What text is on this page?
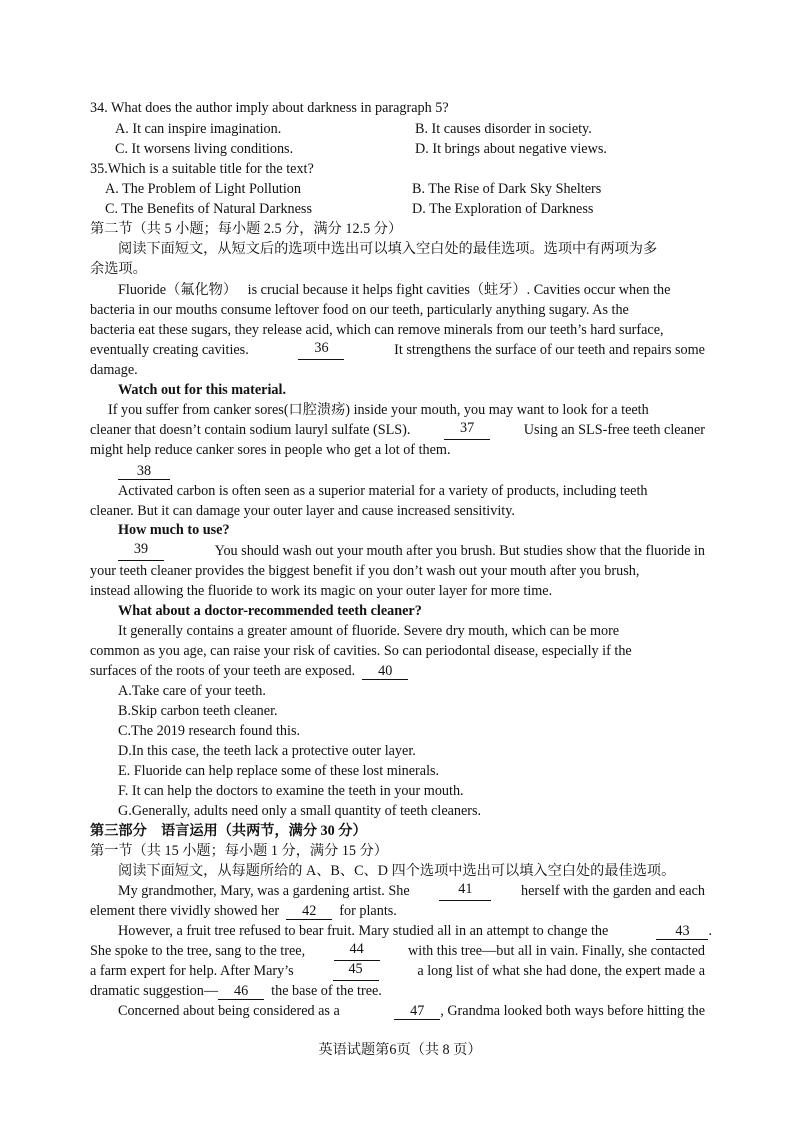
34. What does the author imply about darkness in paragraph 5?
A. It can inspire imagination.	B. It causes disorder in society.
C. It worsens living conditions.	D. It brings about negative views.
35.Which is a suitable title for the text?
A. The Problem of Light Pollution	B. The Rise of Dark Sky Shelters
C. The Benefits of Natural Darkness	D. The Exploration of Darkness
第二节（共 5 小题；每小题 2.5 分，满分 12.5 分）
阅读下面短文，从短文后的选项中选出可以填入空白处的最佳选项。选项中有两项为多
余选项。
Fluoride（氟化物） is crucial because it helps fight cavities（蛀牙）. Cavities occur when the
bacteria in our mouths consume leftover food on our teeth, particularly anything sugary. As the
bacteria eat these sugars, they release acid, which can remove minerals from our teeth’s hard surface,
eventually creating cavities.	36	It strengthens the surface of our teeth and repairs some
damage.
Watch out for this material.
If you suffer from canker sores(口腔溃疡) inside your mouth, you may want to look for a teeth
cleaner that doesn’t contain sodium lauryl sulfate (SLS).	37	Using an SLS-free teeth cleaner
might help reduce canker sores in people who get a lot of them.
38
Activated carbon is often seen as a superior material for a variety of products, including teeth
cleaner. But it can damage your outer layer and cause increased sensitivity.
How much to use?
39	You should wash out your mouth after you brush. But studies show that the fluoride in
your teeth cleaner provides the biggest benefit if you don’t wash out your mouth after you brush,
instead allowing the fluoride to work its magic on your outer layer for more time.
What about a doctor-recommended teeth cleaner?
It generally contains a greater amount of fluoride. Severe dry mouth, which can be more
common as you age, can raise your risk of cavities. So can periodontal disease, especially if the
surfaces of the roots of your teeth are exposed. 40
A.Take care of your teeth.
B.Skip carbon teeth cleaner.
C.The 2019 research found this.
D.In this case, the teeth lack a protective outer layer.
E. Fluoride can help replace some of these lost minerals.
F. It can help the doctors to examine the teeth in your mouth.
G.Generally, adults need only a small quantity of teeth cleaners.
第三部分　语言运用（共两节，满分 30 分）
第一节（共 15 小题；每小题 1 分，满分 15 分）
阅读下面短文，从每题所给的 A、B、C、D 四个选项中选出可以填入空白处的最佳选项。
My grandmother, Mary, was a gardening artist. She	41	herself with the garden and each
element there vividly showed her 42 for plants.
However, a fruit tree refused to bear fruit. Mary studied all in an attempt to change the	43 .
She spoke to the tree, sang to the tree,	44	with this tree—but all in vain. Finally, she contacted
a farm expert for help. After Mary’s	45	a long list of what she had done, the expert made a
dramatic suggestion— 46 the base of the tree.
Concerned about being considered as a	47 , Grandma looked both ways before hitting the
英语试题第6页（共 8 页）
